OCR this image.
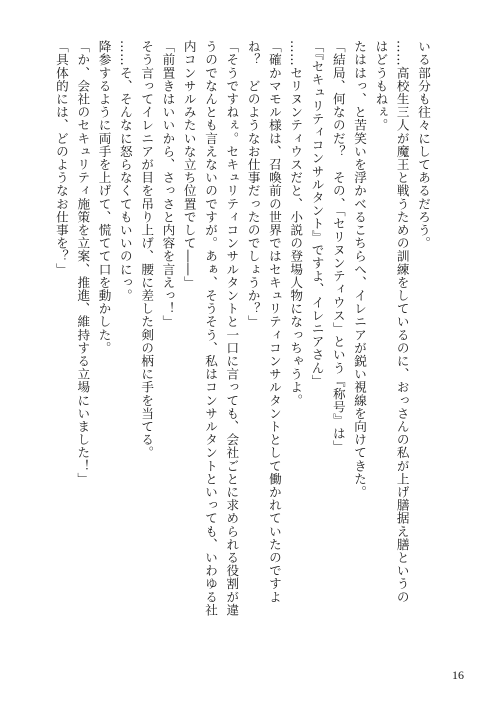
いる部分も往々にしてあるだろう。
……高校生三人が魔王と戦うための訓練をしているのに、おっさんの私が上げ膳据え膳というの
はどうもねぇ。
たははっ、と苦笑いを浮かべるこちらへ、イレニアが鋭い視線を向けてきた。
「結局、何なのだ？　その、「セリヌンティウス」という『称号』は」
「『セキュリティコンサルタント』ですよ、イレニアさん」
……セリヌンティウスだと、小説の登場人物になっちゃうよ。
「確かマモル様は、召喚前の世界ではセキュリティコンサルタントとして働かれていたのですよ
ね？　どのようなお仕事だったのでしょうか？」
「そうですねぇ。セキュリティコンサルタントと一口に言っても、会社ごとに求められる役割が違
うのでなんとも言えないのですが。あぁ、そうそう、私はコンサルタントといっても、いわゆる社
内コンサルみたいな立ち位置でして――」
「前置きはいいから、さっさと内容を言えっ！」
そう言ってイレニアが目を吊り上げ、腰に差した剣の柄に手を当てる。
……そ、そんなに怒らなくてもいいのにっ。
降参するように両手を上げて、慌てて口を動かした。
「か、会社のセキュリティ施策を立案、推進、維持する立場にいました！」
「具体的には、どのようなお仕事を？」
16
